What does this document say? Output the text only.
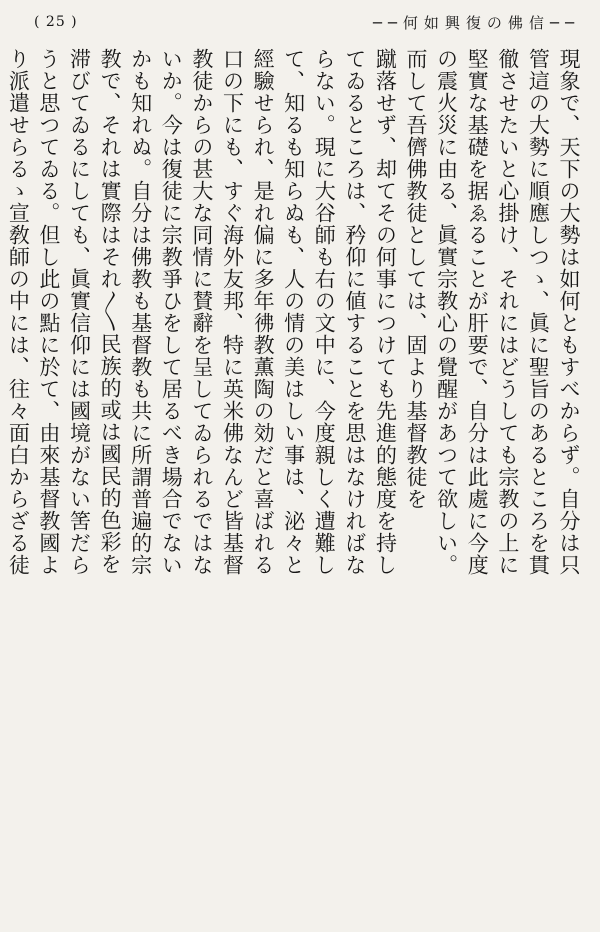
( 25 )	──何如興復の佛信──

現象で、天下の大勢は如何ともすべからず。自分は只
管這の大勢に順應しつゝ、眞に聖旨のあるところを貫
徹させたいと心掛け、それにはどうしても宗教の上に
堅實な基礎を据ゑることが肝要で、自分は此處に今度
の震火災に由る、眞實宗教心の覺醒があつて欲しい。
而して吾儕佛教徒としては、固より基督教徒を
蹴落せず、却てその何事につけても先進的態度を持し
てゐるところは、矜仰に値することを思はなければな
らない。現に大谷師も右の文中に、今度親しく遭難し
て、知るも知らぬも、人の情の美はしい事は、泌々と
經驗せられ、是れ偏に多年彿教薫陶の効だと喜ばれる
口の下にも、すぐ海外友邦、特に英米佛なんど皆基督
教徒からの甚大な同情に賛辭を呈してゐられるではな
いか。今は復徒に宗教爭ひをして居るべき場合でない
かも知れぬ。自分は佛教も基督教も共に所謂普遍的宗
教で、それは實際はそれ〳〵民族的或は國民的色彩を
滞びてゐるにしても、眞實信仰には國境がない筈だら
うと思つてゐる。但し此の點に於て、由來基督教國よ
り派遣せらるゝ宣敎師の中には、往々面白からざる徒
